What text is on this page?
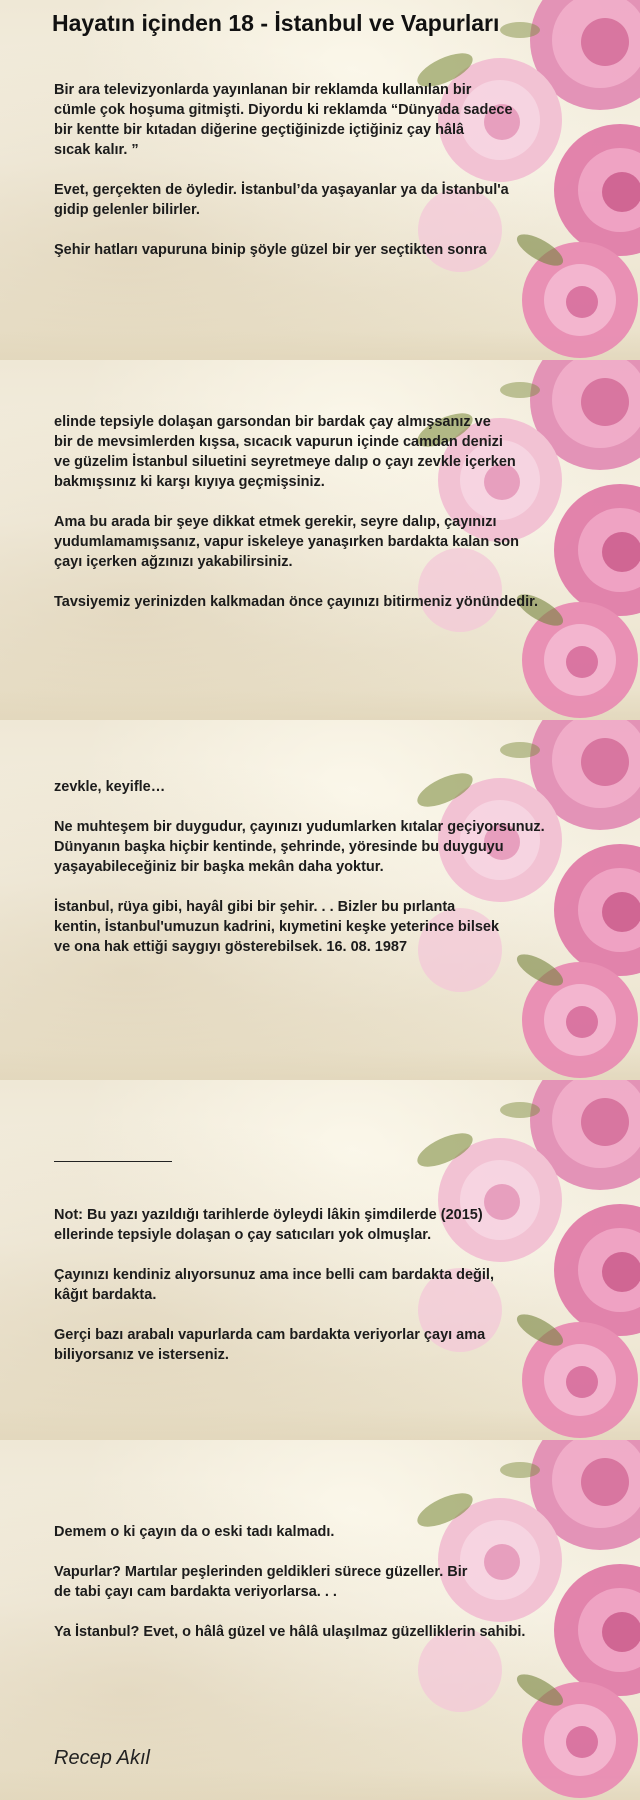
Hayatın içinden 18 - İstanbul ve Vapurları

Bir ara televizyonlarda yayınlanan bir reklamda kullanılan bir

cümle çok hoşuma gitmişti. Diyordu ki reklamda “Dünyada sadece

bir kentte bir kıtadan diğerine geçtiğinizde içtiğiniz çay hâlâ

sıcak kalır. ”

Evet, gerçekten de öyledir. İstanbul’da yaşayanlar ya da İstanbul'a

gidip gelenler bilirler.

Şehir hatları vapuruna binip şöyle güzel bir yer seçtikten sonra

elinde tepsiyle dolaşan garsondan bir bardak çay almışsanız ve

bir de mevsimlerden kışsa, sıcacık vapurun içinde camdan denizi

ve güzelim İstanbul siluetini seyretmeye dalıp o çayı zevkle içerken

bakmışsınız ki karşı kıyıya geçmişsiniz.

Ama bu arada bir şeye dikkat etmek gerekir, seyre dalıp, çayınızı

yudumlamamışsanız, vapur iskeleye yanaşırken bardakta kalan son

çayı içerken ağzınızı yakabilirsiniz.

Tavsiyemiz yerinizden kalkmadan önce çayınızı bitirmeniz yönündedir.

zevkle, keyifle…

Ne muhteşem bir duygudur, çayınızı yudumlarken kıtalar geçiyorsunuz.

Dünyanın başka hiçbir kentinde, şehrinde, yöresinde bu duyguyu

yaşayabileceğiniz bir başka mekân daha yoktur.

İstanbul, rüya gibi, hayâl gibi bir şehir. . . Bizler bu pırlanta

kentin, İstanbul'umuzun kadrini, kıymetini keşke yeterince bilsek

ve ona hak ettiği saygıyı gösterebilsek. 16. 08. 1987

Not: Bu yazı yazıldığı tarihlerde öyleydi lâkin şimdilerde (2015)

ellerinde tepsiyle dolaşan o çay satıcıları yok olmuşlar.

Çayınızı kendiniz alıyorsunuz ama ince belli cam bardakta değil,

kâğıt bardakta.

Gerçi bazı arabalı vapurlarda cam bardakta veriyorlar çayı ama

biliyorsanız ve isterseniz.

Demem o ki çayın da o eski tadı kalmadı.

Vapurlar? Martılar peşlerinden geldikleri sürece güzeller. Bir

de tabi çayı cam bardakta veriyorlarsa. . .

Ya İstanbul? Evet, o hâlâ güzel ve hâlâ ulaşılmaz güzelliklerin sahibi.

Recep Akıl
